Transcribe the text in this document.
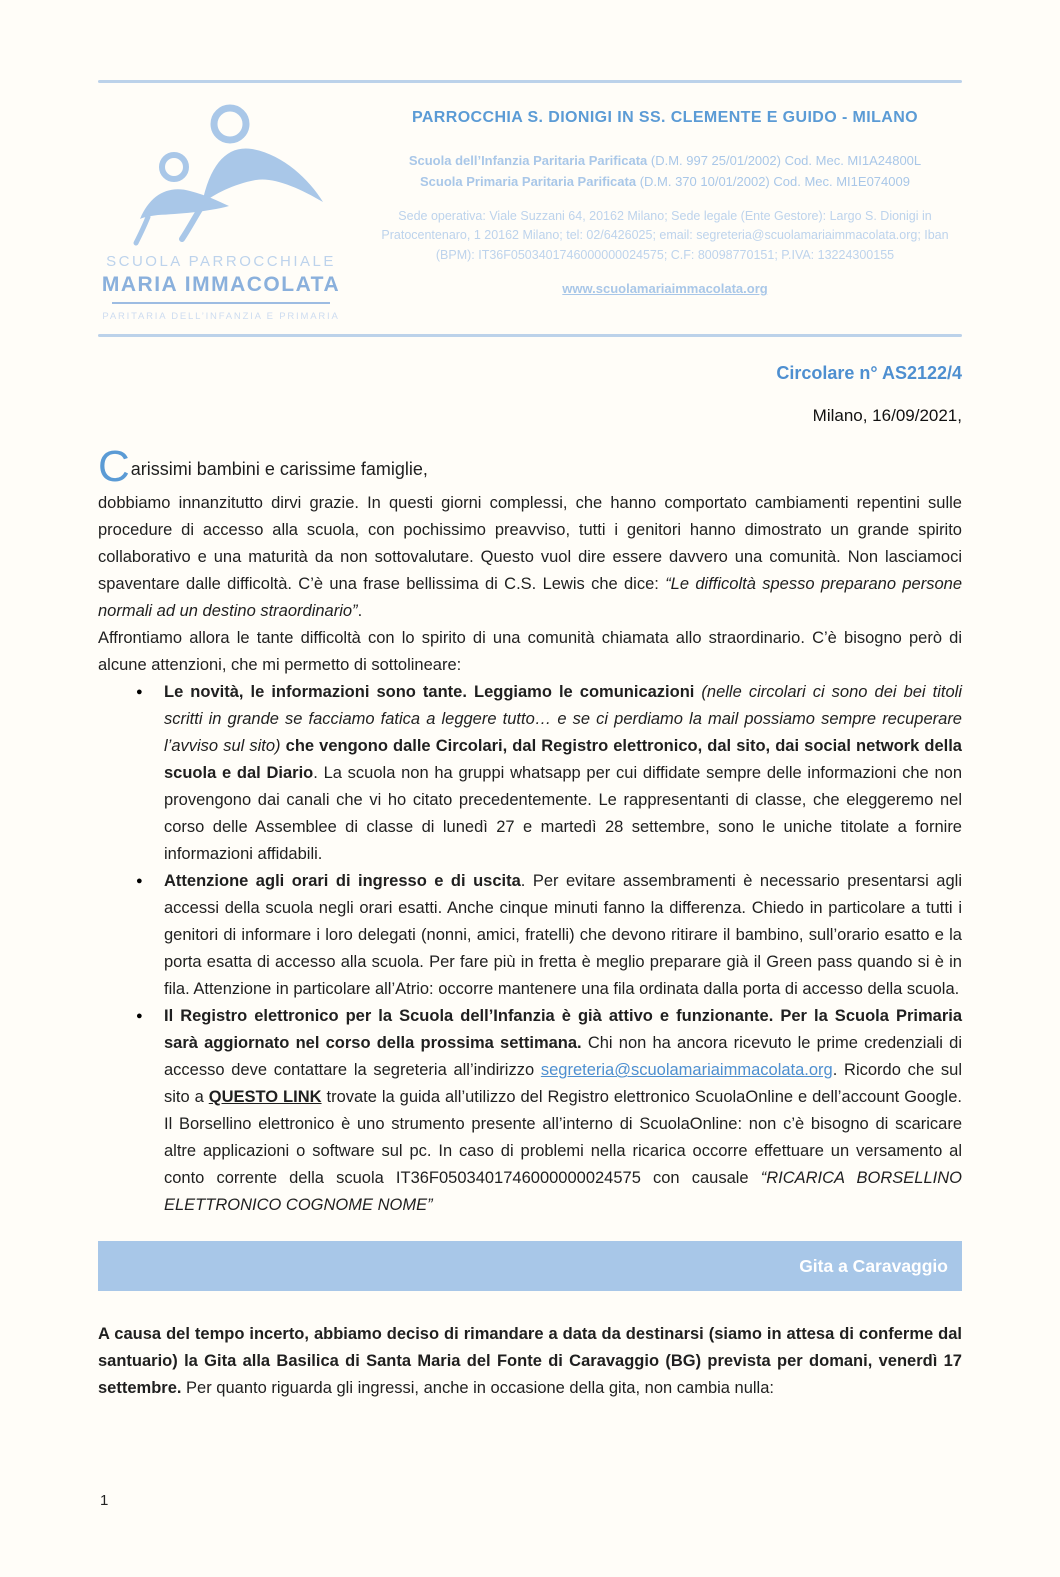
SCUOLA PARROCCHIALE
MARIA IMMACOLATA
PARITARIA DELL’INFANZIA E PRIMARIA
PARROCCHIA S. DIONIGI IN SS. CLEMENTE E GUIDO - MILANO
Scuola dell’Infanzia Paritaria Parificata (D.M. 997 25/01/2002) Cod. Mec. MI1A24800L
Scuola Primaria Paritaria Parificata (D.M. 370 10/01/2002) Cod. Mec. MI1E074009
Sede operativa: Viale Suzzani 64, 20162 Milano; Sede legale (Ente Gestore): Largo S. Dionigi in Pratocentenaro, 1 20162 Milano; tel: 02/6426025; email: segreteria@scuolamariaimmacolata.org; Iban (BPM): IT36F0503401746000000024575; C.F: 80098770151; P.IVA: 13224300155
www.scuolamariaimmacolata.org
Circolare n° AS2122/4
Milano, 16/09/2021,

Carissimi bambini e carissime famiglie,

dobbiamo innanzitutto dirvi grazie. In questi giorni complessi, che hanno comportato cambiamenti repentini sulle procedure di accesso alla scuola, con pochissimo preavviso, tutti i genitori hanno dimostrato un grande spirito collaborativo e una maturità da non sottovalutare. Questo vuol dire essere davvero una comunità. Non lasciamoci spaventare dalle difficoltà. C’è una frase bellissima di C.S. Lewis che dice: “Le difficoltà spesso preparano persone normali ad un destino straordinario”.

Affrontiamo allora le tante difficoltà con lo spirito di una comunità chiamata allo straordinario. C’è bisogno però di alcune attenzioni, che mi permetto di sottolineare:

● Le novità, le informazioni sono tante. Leggiamo le comunicazioni (nelle circolari ci sono dei bei titoli scritti in grande se facciamo fatica a leggere tutto… e se ci perdiamo la mail possiamo sempre recuperare l’avviso sul sito) che vengono dalle Circolari, dal Registro elettronico, dal sito, dai social network della scuola e dal Diario. La scuola non ha gruppi whatsapp per cui diffidate sempre delle informazioni che non provengono dai canali che vi ho citato precedentemente. Le rappresentanti di classe, che eleggeremo nel corso delle Assemblee di classe di lunedì 27 e martedì 28 settembre, sono le uniche titolate a fornire informazioni affidabili.
● Attenzione agli orari di ingresso e di uscita. Per evitare assembramenti è necessario presentarsi agli accessi della scuola negli orari esatti. Anche cinque minuti fanno la differenza. Chiedo in particolare a tutti i genitori di informare i loro delegati (nonni, amici, fratelli) che devono ritirare il bambino, sull’orario esatto e la porta esatta di accesso alla scuola. Per fare più in fretta è meglio preparare già il Green pass quando si è in fila. Attenzione in particolare all’Atrio: occorre mantenere una fila ordinata dalla porta di accesso della scuola.
● Il Registro elettronico per la Scuola dell’Infanzia è già attivo e funzionante. Per la Scuola Primaria sarà aggiornato nel corso della prossima settimana. Chi non ha ancora ricevuto le prime credenziali di accesso deve contattare la segreteria all’indirizzo segreteria@scuolamariaimmacolata.org. Ricordo che sul sito a QUESTO LINK trovate la guida all’utilizzo del Registro elettronico ScuolaOnline e dell’account Google. Il Borsellino elettronico è uno strumento presente all’interno di ScuolaOnline: non c’è bisogno di scaricare altre applicazioni o software sul pc. In caso di problemi nella ricarica occorre effettuare un versamento al conto corrente della scuola IT36F0503401746000000024575 con causale “RICARICA BORSELLINO ELETTRONICO COGNOME NOME”
Gita a Caravaggio

A causa del tempo incerto, abbiamo deciso di rimandare a data da destinarsi (siamo in attesa di conferme dal santuario) la Gita alla Basilica di Santa Maria del Fonte di Caravaggio (BG) prevista per domani, venerdì 17 settembre. Per quanto riguarda gli ingressi, anche in occasione della gita, non cambia nulla:

1
